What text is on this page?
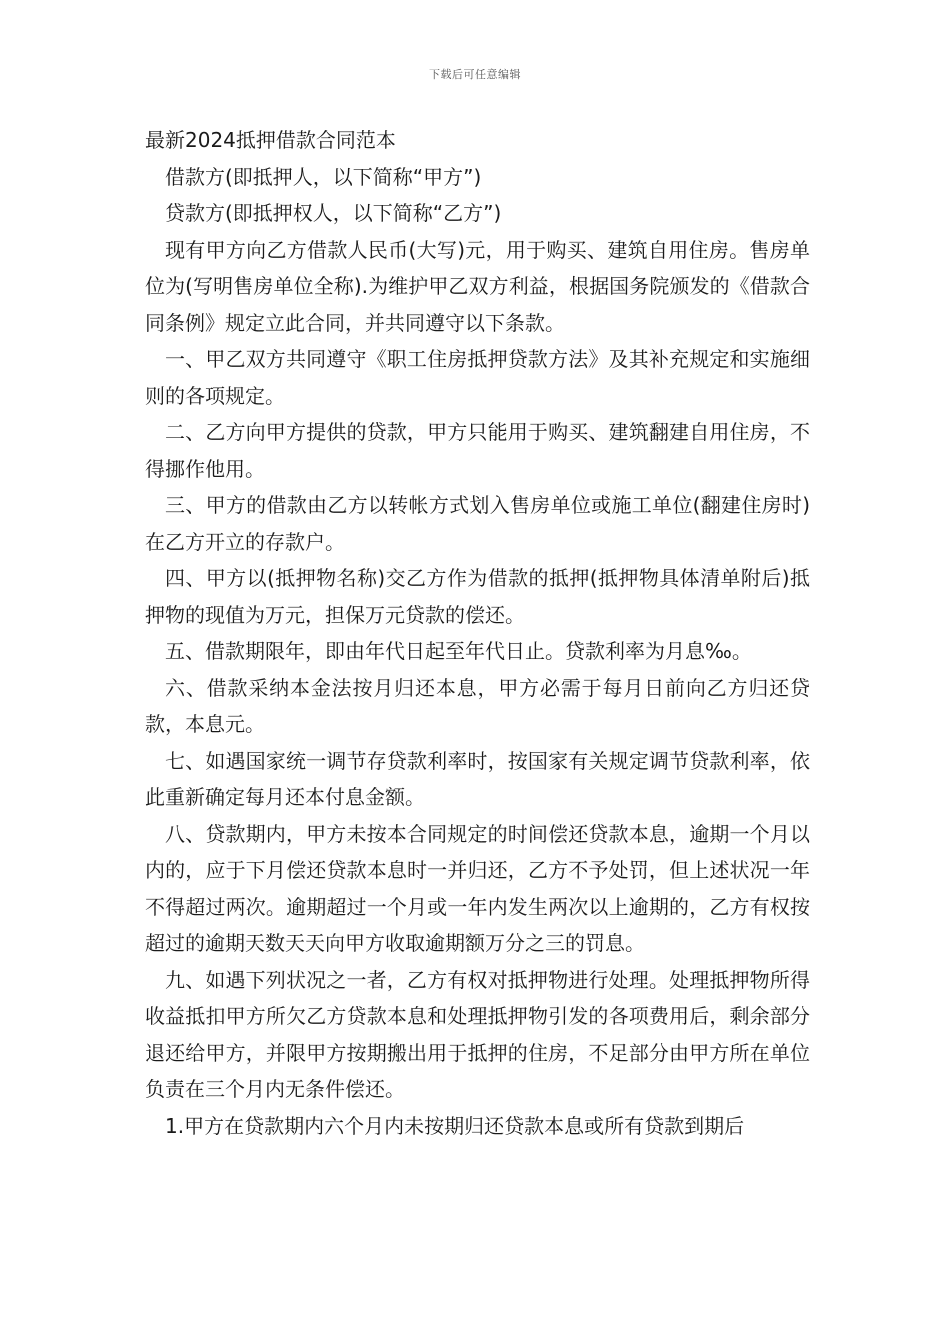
下载后可任意编辑
最新2024抵押借款合同范本

借款方(即抵押人，以下简称“甲方”)

贷款方(即抵押权人，以下简称“乙方”)

现有甲方向乙方借款人民币(大写)元，用于购买、建筑自用住房。售房单位为(写明售房单位全称).为维护甲乙双方利益，根据国务院颁发的《借款合同条例》规定立此合同，并共同遵守以下条款。

一、甲乙双方共同遵守《职工住房抵押贷款方法》及其补充规定和实施细则的各项规定。

二、乙方向甲方提供的贷款，甲方只能用于购买、建筑翻建自用住房，不得挪作他用。

三、甲方的借款由乙方以转帐方式划入售房单位或施工单位(翻建住房时)在乙方开立的存款户。

四、甲方以(抵押物名称)交乙方作为借款的抵押(抵押物具体清单附后)抵押物的现值为万元，担保万元贷款的偿还。

五、借款期限年，即由年代日起至年代日止。贷款利率为月息‰。

六、借款采纳本金法按月归还本息，甲方必需于每月日前向乙方归还贷款，本息元。

七、如遇国家统一调节存贷款利率时，按国家有关规定调节贷款利率，依此重新确定每月还本付息金额。

八、贷款期内，甲方未按本合同规定的时间偿还贷款本息，逾期一个月以内的，应于下月偿还贷款本息时一并归还，乙方不予处罚，但上述状况一年不得超过两次。逾期超过一个月或一年内发生两次以上逾期的，乙方有权按超过的逾期天数天天向甲方收取逾期额万分之三的罚息。

九、如遇下列状况之一者，乙方有权对抵押物进行处理。处理抵押物所得收益抵扣甲方所欠乙方贷款本息和处理抵押物引发的各项费用后，剩余部分退还给甲方，并限甲方按期搬出用于抵押的住房，不足部分由甲方所在单位负责在三个月内无条件偿还。

1.甲方在贷款期内六个月内未按期归还贷款本息或所有贷款到期后
